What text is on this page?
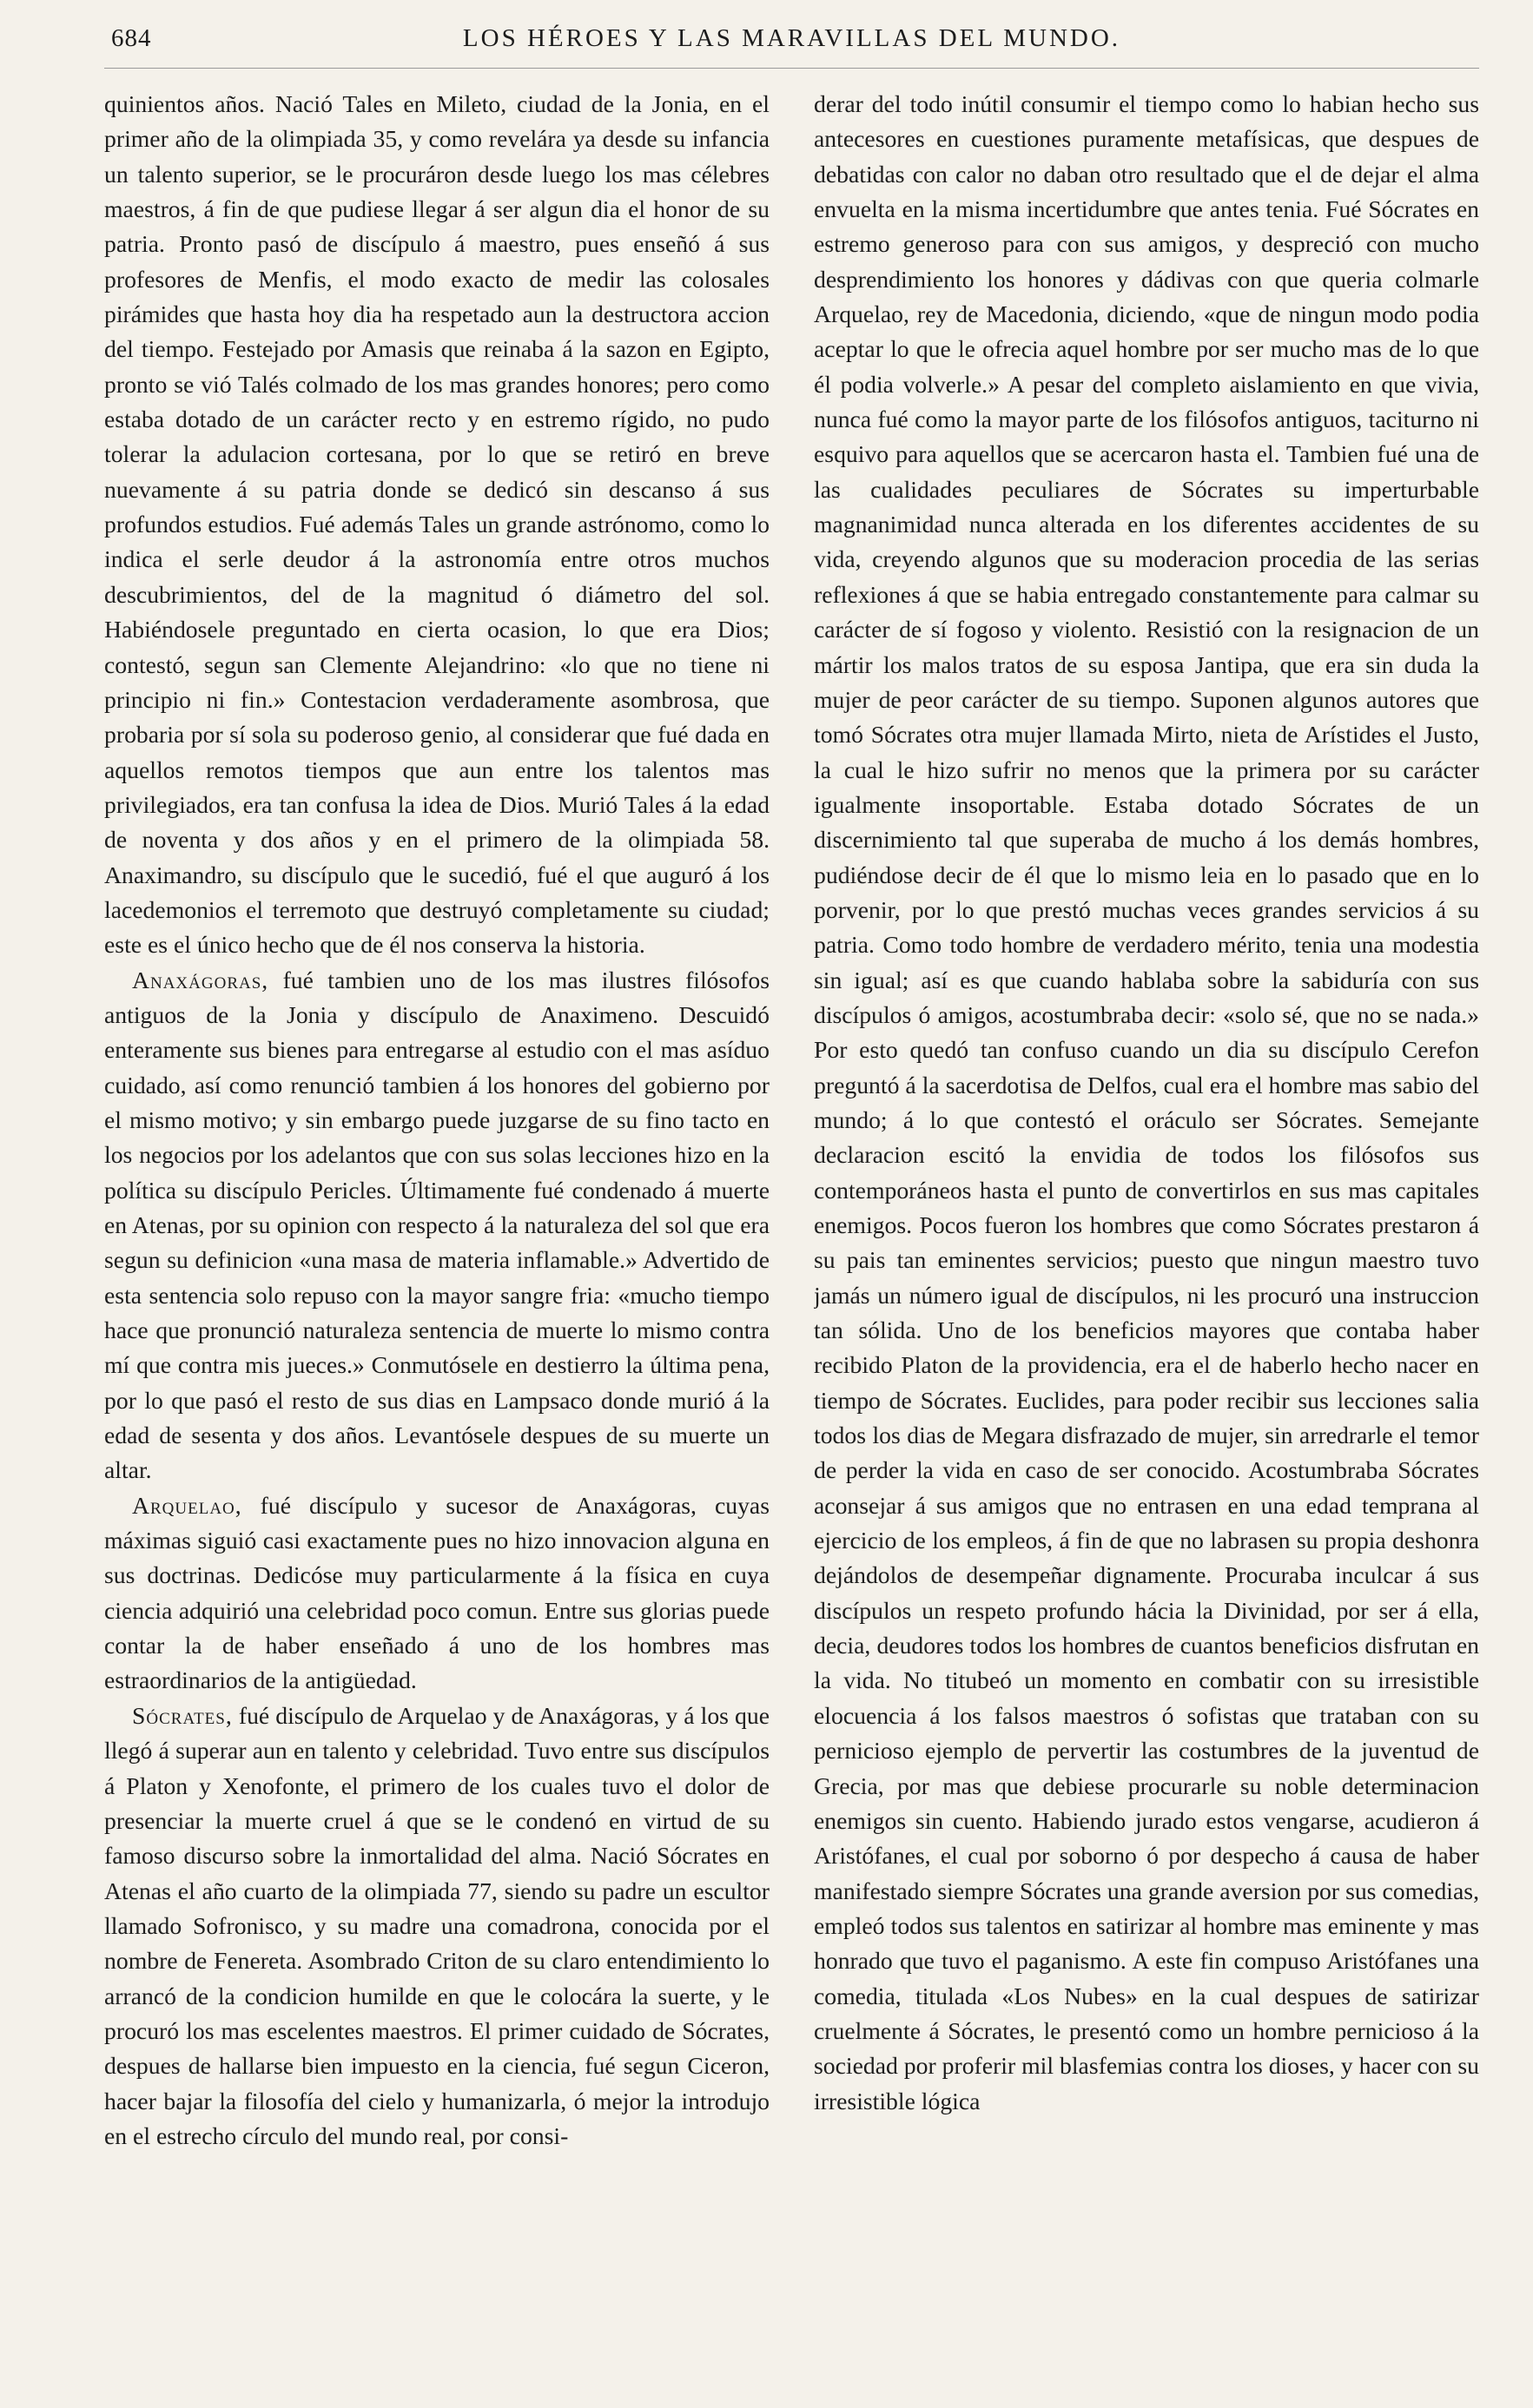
684	LOS HÉROES Y LAS MARAVILLAS DEL MUNDO.

quinientos años. Nació Tales en Mileto, ciudad de la Jonia, en el primer año de la olimpiada 35, y como revelára ya desde su infancia un talento superior, se le procuráron desde luego los mas célebres maestros, á fin de que pudiese llegar á ser algun dia el honor de su patria. Pronto pasó de discípulo á maestro, pues enseñó á sus profesores de Menfis, el modo exacto de medir las colosales pirámides que hasta hoy dia ha respetado aun la destructora accion del tiempo. Festejado por Amasis que reinaba á la sazon en Egipto, pronto se vió Talés colmado de los mas grandes honores; pero como estaba dotado de un carácter recto y en estremo rígido, no pudo tolerar la adulacion cortesana, por lo que se retiró en breve nuevamente á su patria donde se dedicó sin descanso á sus profundos estudios. Fué además Tales un grande astrónomo, como lo indica el serle deudor á la astronomía entre otros muchos descubrimientos, del de la magnitud ó diámetro del sol. Habiéndosele preguntado en cierta ocasion, lo que era Dios; contestó, segun san Clemente Alejandrino: «lo que no tiene ni principio ni fin.» Contestacion verdaderamente asombrosa, que probaria por sí sola su poderoso genio, al considerar que fué dada en aquellos remotos tiempos que aun entre los talentos mas privilegiados, era tan confusa la idea de Dios. Murió Tales á la edad de noventa y dos años y en el primero de la olimpiada 58. Anaximandro, su discípulo que le sucedió, fué el que auguró á los lacedemonios el terremoto que destruyó completamente su ciudad; este es el único hecho que de él nos conserva la historia.

Anaxágoras, fué tambien uno de los mas ilustres filósofos antiguos de la Jonia y discípulo de Anaximeno. Descuidó enteramente sus bienes para entregarse al estudio con el mas asíduo cuidado, así como renunció tambien á los honores del gobierno por el mismo motivo; y sin embargo puede juzgarse de su fino tacto en los negocios por los adelantos que con sus solas lecciones hizo en la política su discípulo Pericles. Últimamente fué condenado á muerte en Atenas, por su opinion con respecto á la naturaleza del sol que era segun su definicion «una masa de materia inflamable.» Advertido de esta sentencia solo repuso con la mayor sangre fria: «mucho tiempo hace que pronunció naturaleza sentencia de muerte lo mismo contra mí que contra mis jueces.» Conmutósele en destierro la última pena, por lo que pasó el resto de sus dias en Lampsaco donde murió á la edad de sesenta y dos años. Levantósele despues de su muerte un altar.

Arquelao, fué discípulo y sucesor de Anaxágoras, cuyas máximas siguió casi exactamente pues no hizo innovacion alguna en sus doctrinas. Dedicóse muy particularmente á la física en cuya ciencia adquirió una celebridad poco comun. Entre sus glorias puede contar la de haber enseñado á uno de los hombres mas estraordinarios de la antigüedad.

Sócrates, fué discípulo de Arquelao y de Anaxágoras, y á los que llegó á superar aun en talento y celebridad. Tuvo entre sus discípulos á Platon y Xenofonte, el primero de los cuales tuvo el dolor de presenciar la muerte cruel á que se le condenó en virtud de su famoso discurso sobre la inmortalidad del alma. Nació Sócrates en Atenas el año cuarto de la olimpiada 77, siendo su padre un escultor llamado Sofronisco, y su madre una comadrona, conocida por el nombre de Fenereta. Asombrado Criton de su claro entendimiento lo arrancó de la condicion humilde en que le colocára la suerte, y le procuró los mas escelentes maestros. El primer cuidado de Sócrates, despues de hallarse bien impuesto en la ciencia, fué segun Ciceron, hacer bajar la filosofía del cielo y humanizarla, ó mejor la introdujo en el estrecho círculo del mundo real, por consi-

derar del todo inútil consumir el tiempo como lo habian hecho sus antecesores en cuestiones puramente metafísicas, que despues de debatidas con calor no daban otro resultado que el de dejar el alma envuelta en la misma incertidumbre que antes tenia. Fué Sócrates en estremo generoso para con sus amigos, y despreció con mucho desprendimiento los honores y dádivas con que queria colmarle Arquelao, rey de Macedonia, diciendo, «que de ningun modo podia aceptar lo que le ofrecia aquel hombre por ser mucho mas de lo que él podia volverle.» A pesar del completo aislamiento en que vivia, nunca fué como la mayor parte de los filósofos antiguos, taciturno ni esquivo para aquellos que se acercaron hasta el. Tambien fué una de las cualidades peculiares de Sócrates su imperturbable magnanimidad nunca alterada en los diferentes accidentes de su vida, creyendo algunos que su moderacion procedia de las serias reflexiones á que se habia entregado constantemente para calmar su carácter de sí fogoso y violento. Resistió con la resignacion de un mártir los malos tratos de su esposa Jantipa, que era sin duda la mujer de peor carácter de su tiempo. Suponen algunos autores que tomó Sócrates otra mujer llamada Mirto, nieta de Arístides el Justo, la cual le hizo sufrir no menos que la primera por su carácter igualmente insoportable. Estaba dotado Sócrates de un discernimiento tal que superaba de mucho á los demás hombres, pudiéndose decir de él que lo mismo leia en lo pasado que en lo porvenir, por lo que prestó muchas veces grandes servicios á su patria. Como todo hombre de verdadero mérito, tenia una modestia sin igual; así es que cuando hablaba sobre la sabiduría con sus discípulos ó amigos, acostumbraba decir: «solo sé, que no se nada.» Por esto quedó tan confuso cuando un dia su discípulo Cerefon preguntó á la sacerdotisa de Delfos, cual era el hombre mas sabio del mundo; á lo que contestó el oráculo ser Sócrates. Semejante declaracion escitó la envidia de todos los filósofos sus contemporáneos hasta el punto de convertirlos en sus mas capitales enemigos. Pocos fueron los hombres que como Sócrates prestaron á su pais tan eminentes servicios; puesto que ningun maestro tuvo jamás un número igual de discípulos, ni les procuró una instruccion tan sólida. Uno de los beneficios mayores que contaba haber recibido Platon de la providencia, era el de haberlo hecho nacer en tiempo de Sócrates. Euclides, para poder recibir sus lecciones salia todos los dias de Megara disfrazado de mujer, sin arredrarle el temor de perder la vida en caso de ser conocido. Acostumbraba Sócrates aconsejar á sus amigos que no entrasen en una edad temprana al ejercicio de los empleos, á fin de que no labrasen su propia deshonra dejándolos de desempeñar dignamente. Procuraba inculcar á sus discípulos un respeto profundo hácia la Divinidad, por ser á ella, decia, deudores todos los hombres de cuantos beneficios disfrutan en la vida. No titubeó un momento en combatir con su irresistible elocuencia á los falsos maestros ó sofistas que trataban con su pernicioso ejemplo de pervertir las costumbres de la juventud de Grecia, por mas que debiese procurarle su noble determinacion enemigos sin cuento. Habiendo jurado estos vengarse, acudieron á Aristófanes, el cual por soborno ó por despecho á causa de haber manifestado siempre Sócrates una grande aversion por sus comedias, empleó todos sus talentos en satirizar al hombre mas eminente y mas honrado que tuvo el paganismo. A este fin compuso Aristófanes una comedia, titulada «Los Nubes» en la cual despues de satirizar cruelmente á Sócrates, le presentó como un hombre pernicioso á la sociedad por proferir mil blasfemias contra los dioses, y hacer con su irresistible lógica
